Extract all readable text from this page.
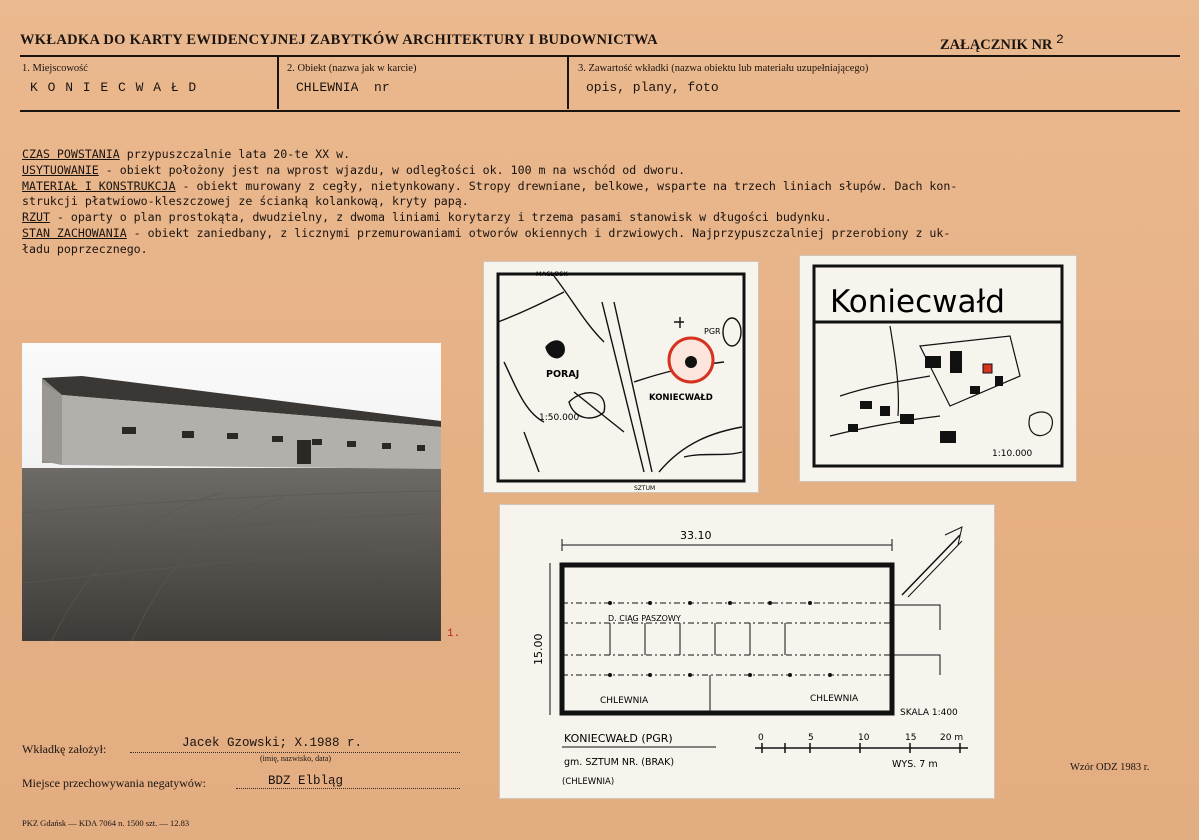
WKŁADKA DO KARTY EWIDENCYJNEJ ZABYTKÓW ARCHITEKTURY I BUDOWNICTWA	ZAŁĄCZNIK NR $^2$
1. Miejscowość
K O N I E C W A Ł D
2. Obiekt (nazwa jak w karcie)
CHLEWNIA  nr
3. Zawartość wkładki (nazwa obiektu lub materiału uzupełniającego)
opis, plany, foto

CZAS POWSTANIA przypuszczalnie lata 20-te XX w.

USYTUOWANIE - obiekt położony jest na wprost wjazdu, w odległości ok. 100 m na wschód od dworu.

MATERIAŁ I KONSTRUKCJA - obiekt murowany z cegły, nietynkowany. Stropy drewniane, belkowe, wsparte na trzech liniach słupów. Dach kon-

strukcji płatwiowo-kleszczowej ze ścianką kolankową, kryty papą.

RZUT - oparty o plan prostokąta, dwudzielny, z dwoma liniami korytarzy i trzema pasami stanowisk w długości budynku.

STAN ZACHOWANIA - obiekt zaniedbany, z licznymi przemurowaniami otworów okiennych i drzwiowych. Najprzypuszczalniej przerobiony z uk-

ładu poprzecznego.

1.
MACŁOSK
PGR
PORAJ
KONIECWAŁD
1:50.000
SZTUM
Koniecwałd
1:10.000
33.10
15.00
D. CIĄG PASZOWY
CHLEWNIA	CHLEWNIA
SKALA 1:400
KONIECWAŁD (PGR)
gm. SZTUM NR. (BRAK)
(CHLEWNIA)
0	5	10	15	20 m
WYS. 7 m
Wkładkę założył:	Jacek Gzowski; X.1988 r.
(imię, nazwisko, data)
Miejsce przechowywania negatywów:	BDZ Elbląg
Wzór ODZ 1983 r.
PKZ Gdańsk — KDA 7064 n. 1500 szt. — 12.83
